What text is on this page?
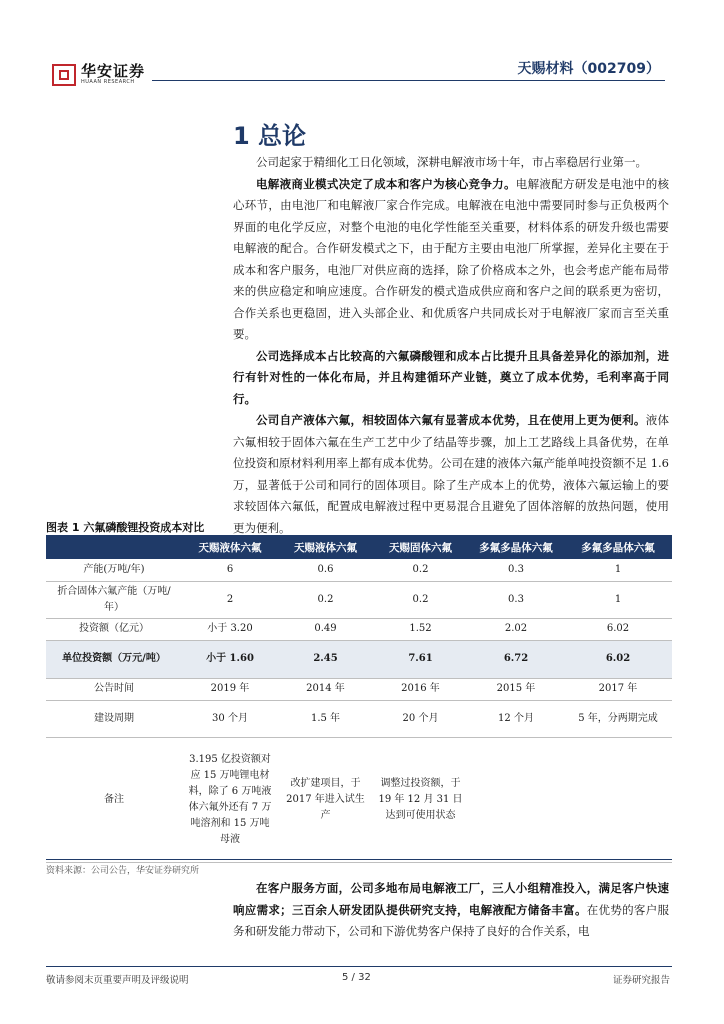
华安证券
HUAAN RESEARCH
天赐材料（002709）
1 总论

公司起家于精细化工日化领域，深耕电解液市场十年，市占率稳居行业第一。

电解液商业模式决定了成本和客户为核心竞争力。电解液配方研发是电池中的核心环节，由电池厂和电解液厂家合作完成。电解液在电池中需要同时参与正负极两个界面的电化学反应，对整个电池的电化学性能至关重要，材料体系的研发升级也需要电解液的配合。合作研发模式之下，由于配方主要由电池厂所掌握，差异化主要在于成本和客户服务，电池厂对供应商的选择，除了价格成本之外，也会考虑产能布局带来的供应稳定和响应速度。合作研发的模式造成供应商和客户之间的联系更为密切，合作关系也更稳固，进入头部企业、和优质客户共同成长对于电解液厂家而言至关重要。

公司选择成本占比较高的六氟磷酸锂和成本占比提升且具备差异化的添加剂，进行有针对性的一体化布局，并且构建循环产业链，奠立了成本优势，毛利率高于同行。

公司自产液体六氟，相较固体六氟有显著成本优势，且在使用上更为便利。液体六氟相较于固体六氟在生产工艺中少了结晶等步骤，加上工艺路线上具备优势，在单位投资和原材料利用率上都有成本优势。公司在建的液体六氟产能单吨投资额不足 1.6 万，显著低于公司和同行的固体项目。除了生产成本上的优势，液体六氟运输上的要求较固体六氟低，配置成电解液过程中更易混合且避免了固体溶解的放热问题，使用更为便利。

图表 1 六氟磷酸锂投资成本对比
	天赐液体六氟	天赐液体六氟	天赐固体六氟	多氟多晶体六氟	多氟多晶体六氟
产能(万吨/年)	6	0.6	0.2	0.3	1
折合固体六氟产能（万吨/年）	2	0.2	0.2	0.3	1
投资额（亿元）	小于 3.20	0.49	1.52	2.02	6.02
单位投资额（万元/吨）	小于 1.60	2.45	7.61	6.72	6.02
公告时间	2019 年	2014 年	2016 年	2015 年	2017 年
建设周期	30 个月	1.5 年	20 个月	12 个月	5 年，分两期完成
备注	3.195 亿投资额对应 15 万吨锂电材料，除了 6 万吨液体六氟外还有 7 万吨溶剂和 15 万吨母液	改扩建项目，于 2017 年进入试生产	调整过投资额，于 19 年 12 月 31 日达到可使用状态		
资料来源：公司公告，华安证券研究所

在客户服务方面，公司多地布局电解液工厂，三人小组精准投入，满足客户快速响应需求；三百余人研发团队提供研究支持，电解液配方储备丰富。在优势的客户服务和研发能力带动下，公司和下游优势客户保持了良好的合作关系，电

敬请参阅末页重要声明及评级说明	5 / 32	证券研究报告
